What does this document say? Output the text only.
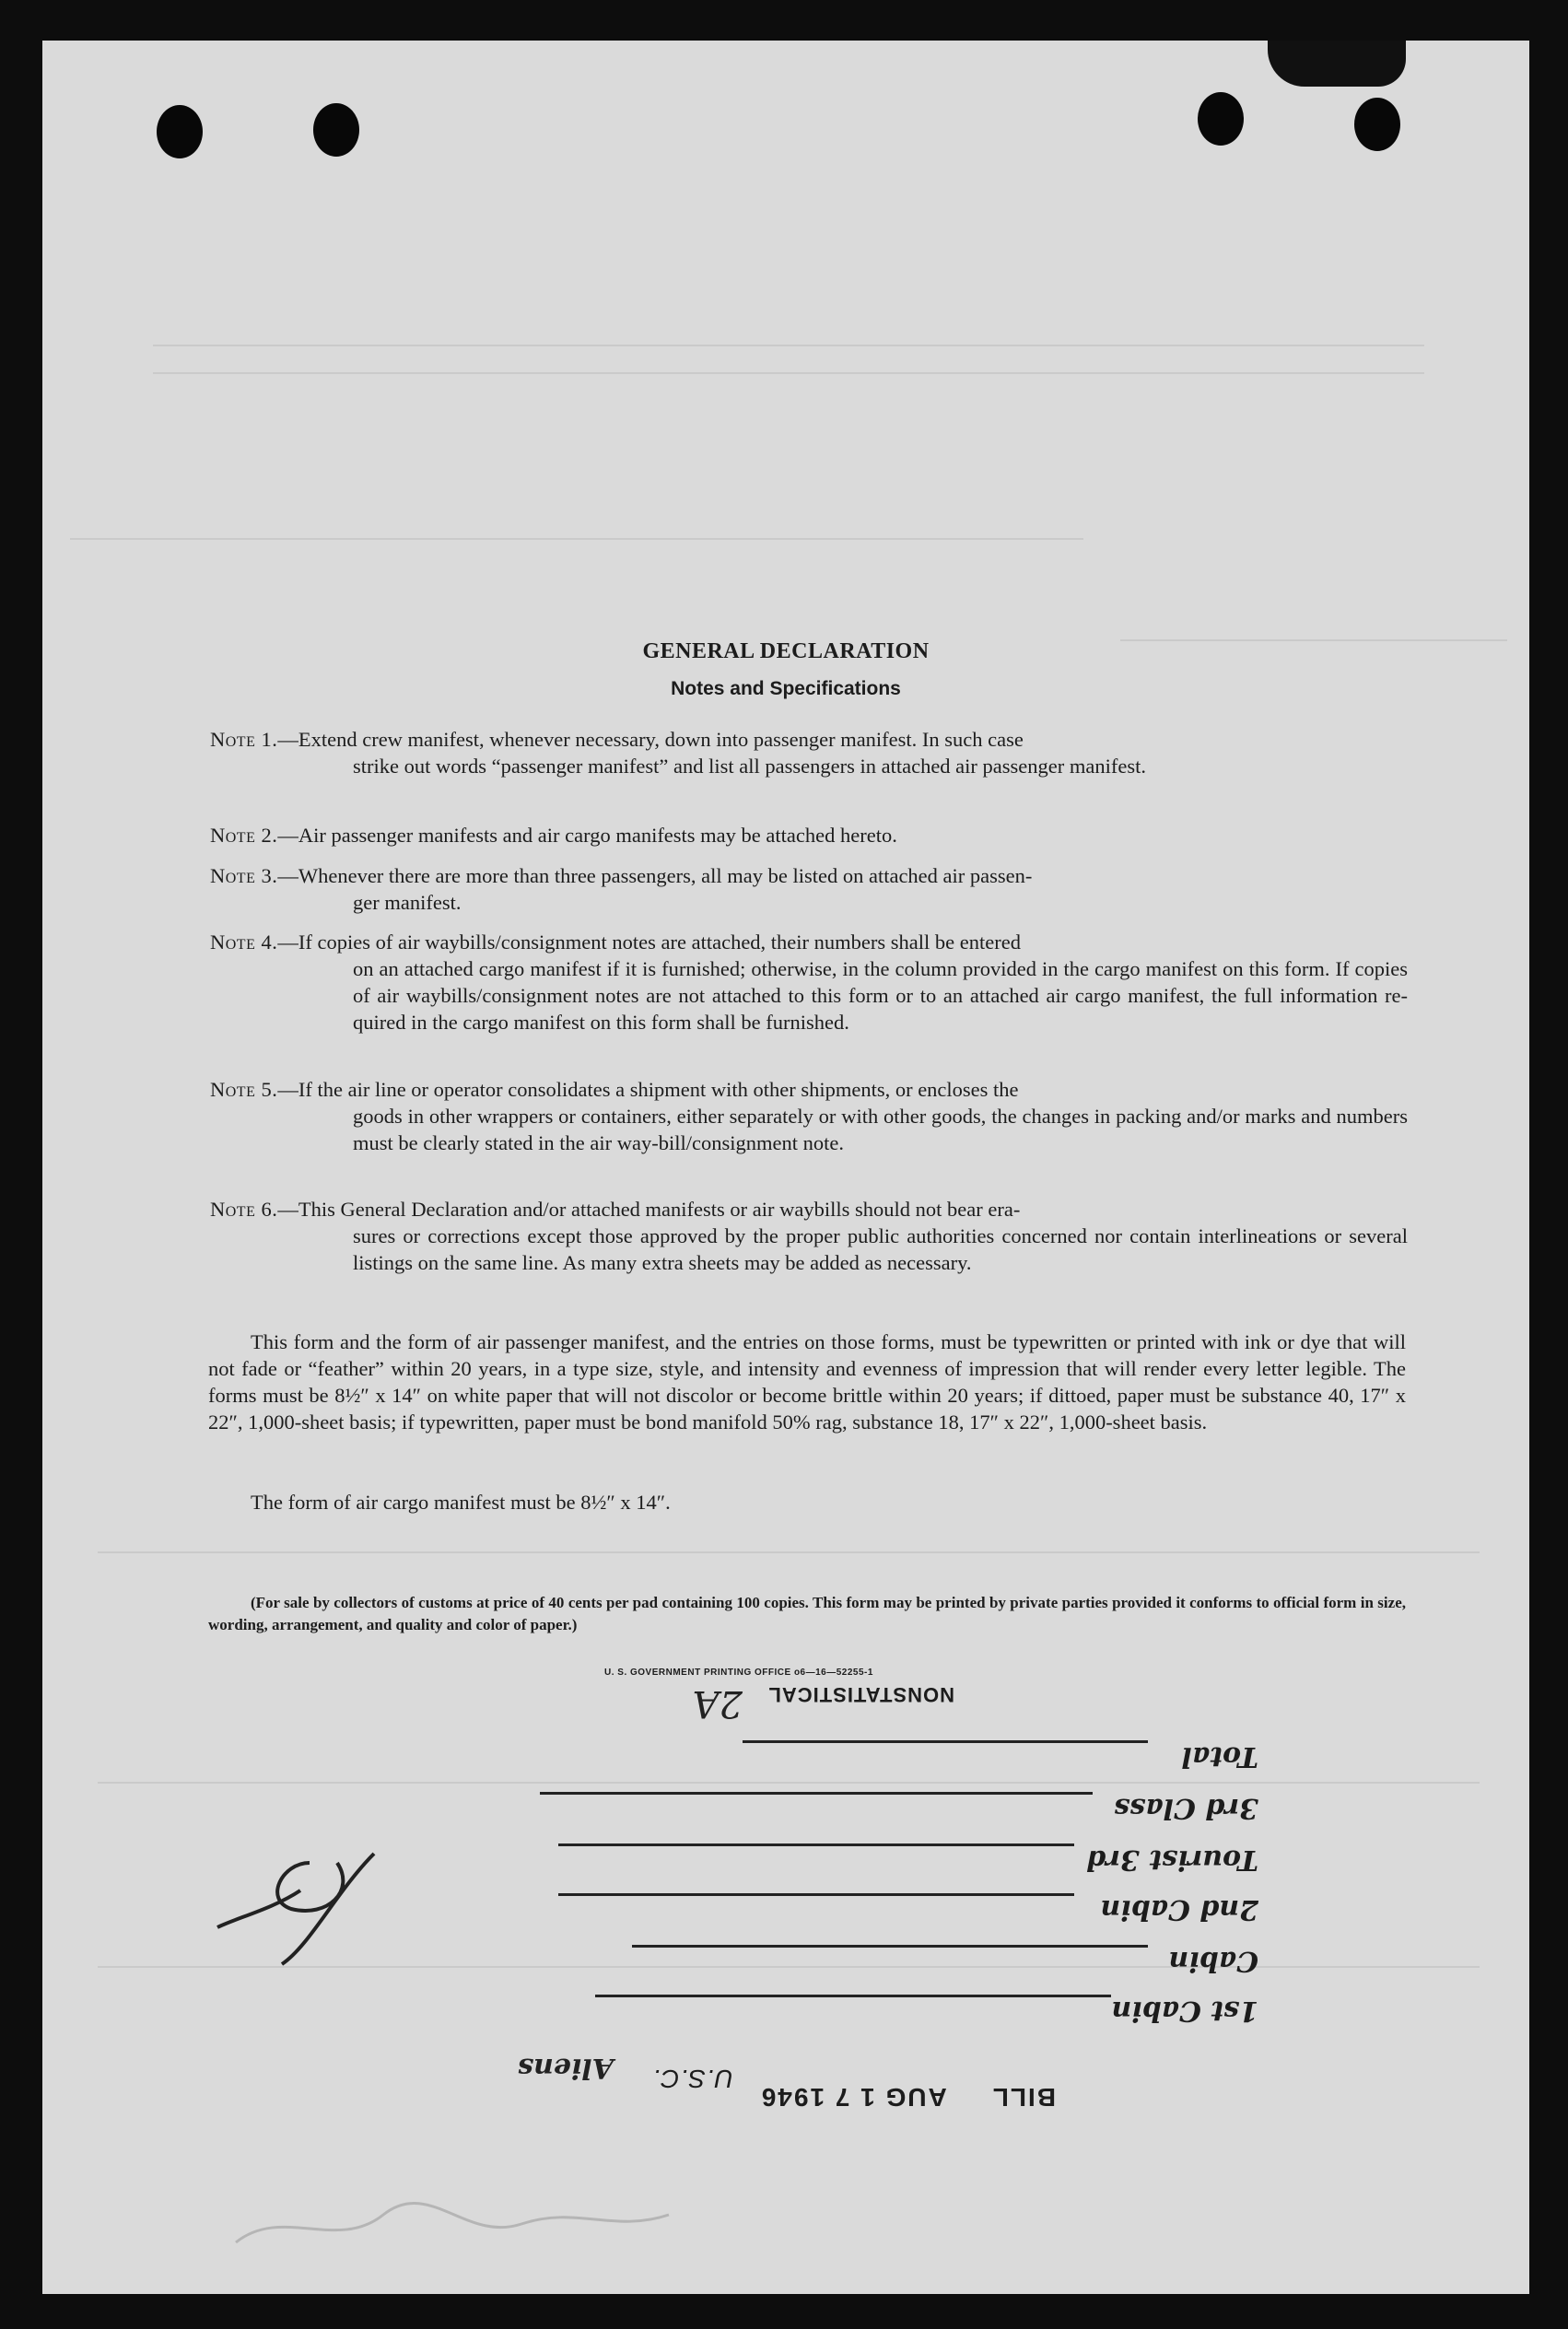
GENERAL DECLARATION
Notes and Specifications
Note 1.—Extend crew manifest, whenever necessary, down into passenger manifest. In such case
strike out words “passenger manifest” and list all passengers in attached air passenger manifest.
Note 2.—Air passenger manifests and air cargo manifests may be attached hereto.
Note 3.—Whenever there are more than three passengers, all may be listed on attached air passen-
ger manifest.
Note 4.—If copies of air waybills/consignment notes are attached, their numbers shall be entered
on an attached cargo manifest if it is furnished; otherwise, in the column provided in the cargo manifest on this form. If copies of air waybills/consignment notes are not attached to this form or to an attached air cargo manifest, the full information re-quired in the cargo manifest on this form shall be furnished.
Note 5.—If the air line or operator consolidates a shipment with other shipments, or encloses the
goods in other wrappers or containers, either separately or with other goods, the changes in packing and/or marks and numbers must be clearly stated in the air way-bill/consignment note.
Note 6.—This General Declaration and/or attached manifests or air waybills should not bear era-
sures or corrections except those approved by the proper public authorities concerned nor contain interlineations or several listings on the same line. As many extra sheets may be added as necessary.
This form and the form of air passenger manifest, and the entries on those forms, must be typewritten or printed with ink or dye that will not fade or “feather” within 20 years, in a type size, style, and intensity and evenness of impression that will render every letter legible. The forms must be 8½″ x 14″ on white paper that will not discolor or become brittle within 20 years; if dittoed, paper must be substance 40, 17″ x 22″, 1,000-sheet basis; if typewritten, paper must be bond manifold 50% rag, substance 18, 17″ x 22″, 1,000-sheet basis.
The form of air cargo manifest must be 8½″ x 14″.
(For sale by collectors of customs at price of 40 cents per pad containing 100 copies. This form may be printed by private parties provided it conforms to official form in size, wording, arrangement, and quality and color of paper.)
U. S. GOVERNMENT PRINTING OFFICE o6—16—52255-1
NONSTATISTICAL
2A
Total
3rd Class
Tourist 3rd
2nd Cabin
Cabin
1st Cabin
BILL  AUG 1 7 1946
U.S.C.
Aliens
